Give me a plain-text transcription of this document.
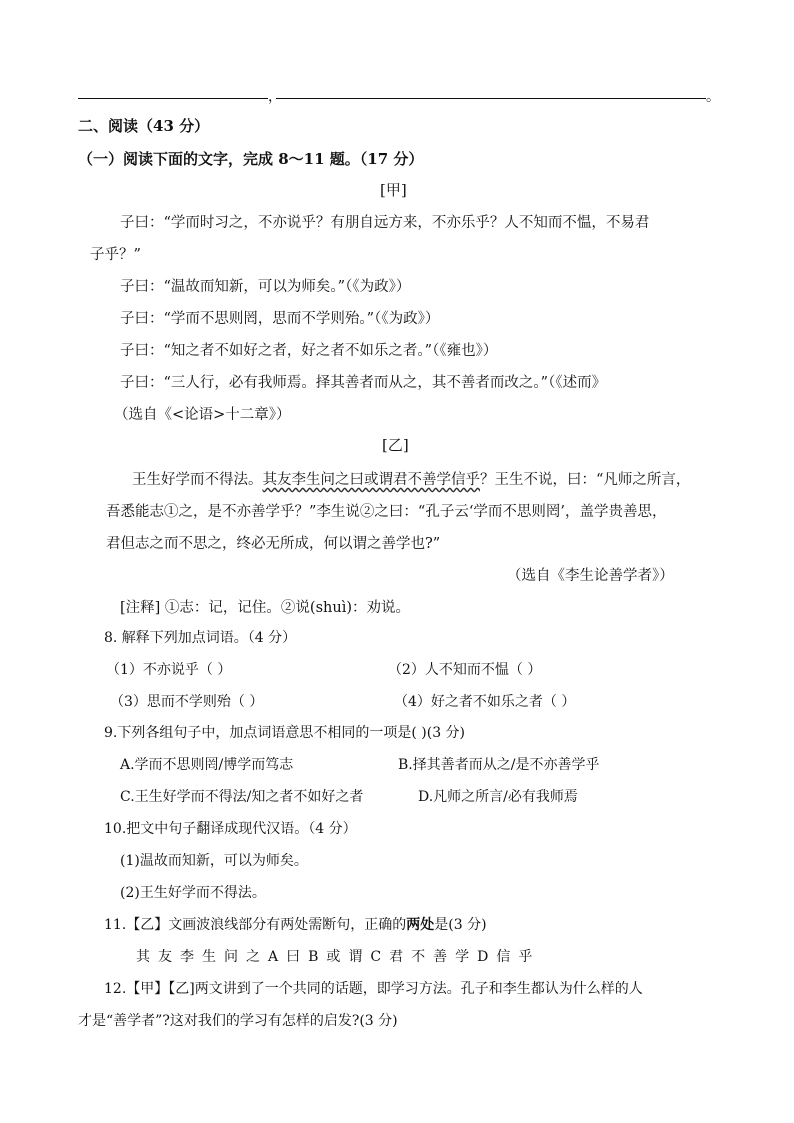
，	。
二、阅读（43 分）
（一）阅读下面的文字，完成 8～11 题。（17 分）
[甲]
子曰：“学而时习之，不亦说乎？有朋自远方来，不亦乐乎？人不知而不愠，不易君
子乎？”
子曰：“温故而知新，可以为师矣。”（《为政》）
子曰：“学而不思则罔，思而不学则殆。”（《为政》）
子曰：“知之者不如好之者，好之者不如乐之者。”（《雍也》）
子曰：“三人行，必有我师焉。择其善者而从之，其不善者而改之。”（《述而》
（选自《<论语>十二章》）
[乙]
王生好学而不得法。其友李生问之曰或谓君不善学信乎？王生不说，曰：“凡师之所言，
吾悉能志①之，是不亦善学乎？”李生说②之曰：“孔子云‘学而不思则罔’，盖学贵善思，
君但志之而不思之，终必无所成，何以谓之善学也?”
（选自《李生论善学者》）
[注释] ①志：记，记住。②说(shuì)：劝说。
8. 解释下列加点词语。（4 分）
（1）不亦说乎（ ）	（2）人不知而不愠（ ）
（3）思而不学则殆（ ）	（4）好之者不如乐之者（ ）
9.下列各组句子中，加点词语意思不相同的一项是( )(3 分)
A.学而不思则罔/博学而笃志	B.择其善者而从之/是不亦善学乎
C.王生好学而不得法/知之者不如好之者	D.凡师之所言/必有我师焉
10.把文中句子翻译成现代汉语。（4 分）
(1)温故而知新，可以为师矣。
(2)王生好学而不得法。
11.【乙】文画波浪线部分有两处需断句，正确的两处是(3 分)
其友李生问之A曰B或谓C君不善学D信乎
12.【甲】【乙]两文讲到了一个共同的话题，即学习方法。孔子和李生都认为什么样的人
才是“善学者”?这对我们的学习有怎样的启发?(3 分)
